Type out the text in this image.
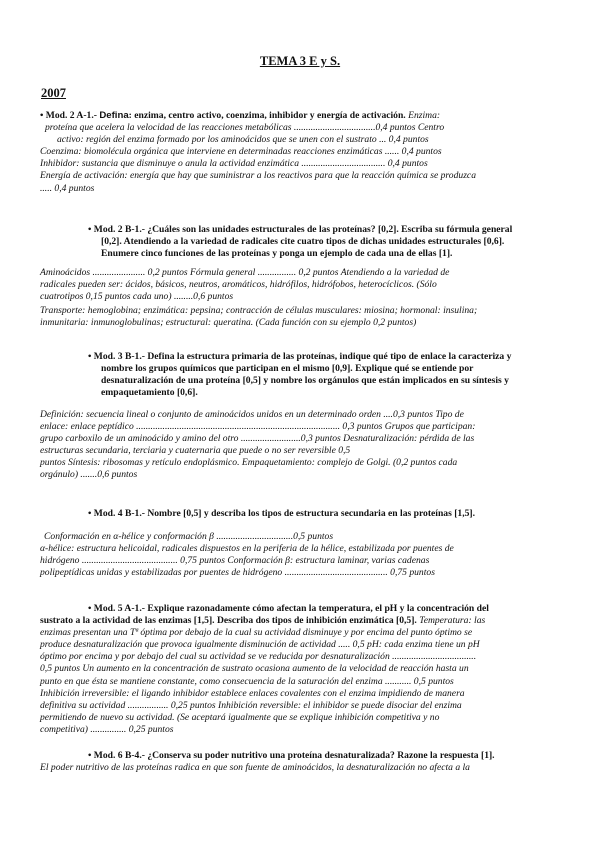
TEMA 3 E y S.
2007

• Mod. 2 A-1.- Defina: enzima, centro activo, coenzima, inhibidor y energía de activación. Enzima:

proteína que acelera la velocidad de las reacciones metabólicas ..................................0,4 puntos Centro

activo: región del enzima formado por los aminoácidos que se unen con el sustrato ... 0,4 puntos

Coenzima: biomolécula orgánica que interviene en determinadas reacciones enzimáticas ...... 0,4 puntos

Inhibidor: sustancia que disminuye o anula la actividad enzimática ................................... 0,4 puntos

Energía de activación: energía que hay que suministrar a los reactivos para que la reacción química se produzca

..... 0,4 puntos

• Mod. 2 B-1.- ¿Cuáles son las unidades estructurales de las proteínas? [0,2]. Escriba su fórmula general

[0,2]. Atendiendo a la variedad de radicales cite cuatro tipos de dichas unidades estructurales [0,6].

Enumere cinco funciones de las proteínas y ponga un ejemplo de cada una de ellas [1].

Aminoácidos ...................... 0,2 puntos Fórmula general ................ 0,2 puntos Atendiendo a la variedad de

radicales pueden ser: ácidos, básicos, neutros, aromáticos, hidrófilos, hidrófobos, heterocíclicos. (Sólo

cuatrotipos 0,15 puntos cada uno) ........0,6 puntos

Transporte: hemoglobina; enzimática: pepsina; contracción de células musculares: miosina; hormonal: insulina;

inmunitaria: inmunoglobulinas; estructural: queratina. (Cada función con su ejemplo 0,2 puntos)

• Mod. 3 B-1.- Defina la estructura primaria de las proteínas, indique qué tipo de enlace la caracteriza y

nombre los grupos químicos que participan en el mismo [0,9]. Explique qué se entiende por

desnaturalización de una proteína [0,5] y nombre los orgánulos que están implicados en su síntesis y

empaquetamiento [0,6].

Definición: secuencia lineal o conjunto de aminoácidos unidos en un determinado orden ....0,3 puntos Tipo de

enlace: enlace peptídico ..................................................................................... 0,3 puntos Grupos que participan:

grupo carboxilo de un aminoácido y amino del otro .........................0,3 puntos Desnaturalización: pérdida de las

estructuras secundaria, terciaria y cuaternaria que puede o no ser reversible 0,5

puntos Síntesis: ribosomas y retículo endoplásmico. Empaquetamiento: complejo de Golgi. (0,2 puntos cada

orgánulo) .......0,6 puntos

• Mod. 4 B-1.- Nombre [0,5] y describa los tipos de estructura secundaria en las proteínas [1,5].

Conformación en α-hélice y conformación β ................................0,5 puntos

α-hélice: estructura helicoidal, radicales dispuestos en la periferia de la hélice, estabilizada por puentes de

hidrógeno ........................................ 0,75 puntos Conformación β: estructura laminar, varias cadenas

polipeptídicas unidas y estabilizadas por puentes de hidrógeno ........................................... 0,75 puntos

• Mod. 5 A-1.- Explique razonadamente cómo afectan la temperatura, el pH y la concentración del

sustrato a la actividad de las enzimas [1,5]. Describa dos tipos de inhibición enzimática [0,5]. Temperatura: las

enzimas presentan una Tª óptima por debajo de la cual su actividad disminuye y por encima del punto óptimo se

produce desnaturalización que provoca igualmente disminución de actividad ..... 0,5 pH: cada enzima tiene un pH

óptimo por encima y por debajo del cual su actividad se ve reducida por desnaturalización ...................................

0,5 puntos Un aumento en la concentración de sustrato ocasiona aumento de la velocidad de reacción hasta un

punto en que ésta se mantiene constante, como consecuencia de la saturación del enzima ........... 0,5 puntos

Inhibición irreversible: el ligando inhibidor establece enlaces covalentes con el enzima impidiendo de manera

definitiva su actividad ................. 0,25 puntos Inhibición reversible: el inhibidor se puede disociar del enzima

permitiendo de nuevo su actividad. (Se aceptará igualmente que se explique inhibición competitiva y no

competitiva) ............... 0,25 puntos

• Mod. 6 B-4.- ¿Conserva su poder nutritivo una proteína desnaturalizada? Razone la respuesta [1].

El poder nutritivo de las proteínas radica en que son fuente de aminoácidos, la desnaturalización no afecta a la
